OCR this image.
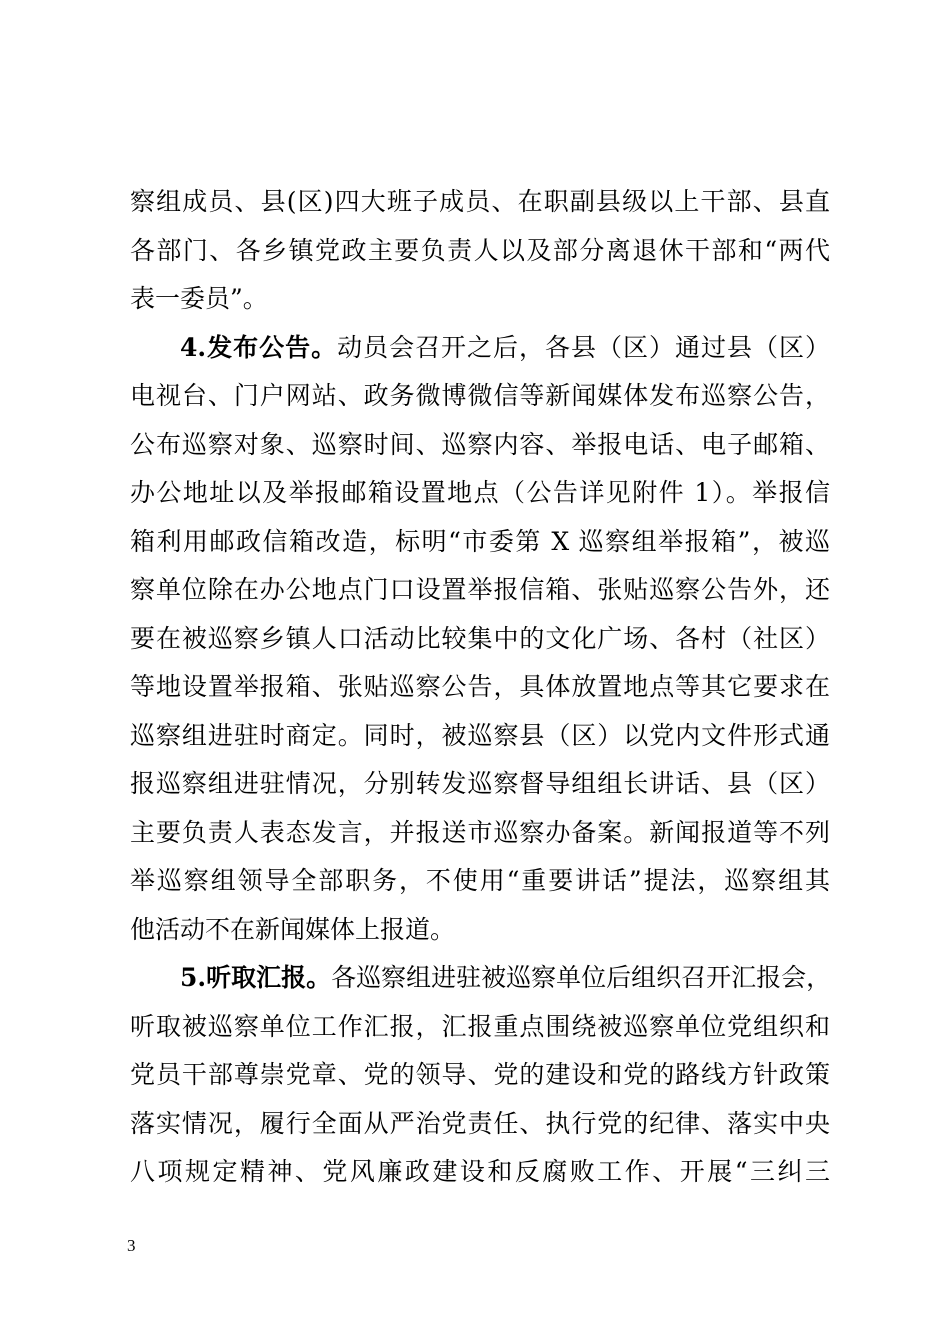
察组成员、县(区)四大班子成员、在职副县级以上干部、县直
各部门、各乡镇党政主要负责人以及部分离退休干部和“两代
表一委员”。
4.发布公告。动员会召开之后，各县（区）通过县（区）
电视台、门户网站、政务微博微信等新闻媒体发布巡察公告，
公布巡察对象、巡察时间、巡察内容、举报电话、电子邮箱、
办公地址以及举报邮箱设置地点（公告详见附件 1）。举报信
箱利用邮政信箱改造，标明“市委第 X 巡察组举报箱”，被巡
察单位除在办公地点门口设置举报信箱、张贴巡察公告外，还
要在被巡察乡镇人口活动比较集中的文化广场、各村（社区）
等地设置举报箱、张贴巡察公告，具体放置地点等其它要求在
巡察组进驻时商定。同时，被巡察县（区）以党内文件形式通
报巡察组进驻情况，分别转发巡察督导组组长讲话、县（区）
主要负责人表态发言，并报送市巡察办备案。新闻报道等不列
举巡察组领导全部职务，不使用“重要讲话”提法，巡察组其
他活动不在新闻媒体上报道。
5.听取汇报。各巡察组进驻被巡察单位后组织召开汇报会，
听取被巡察单位工作汇报，汇报重点围绕被巡察单位党组织和
党员干部尊崇党章、党的领导、党的建设和党的路线方针政策
落实情况，履行全面从严治党责任、执行党的纪律、落实中央
八项规定精神、党风廉政建设和反腐败工作、开展“三纠三
3
